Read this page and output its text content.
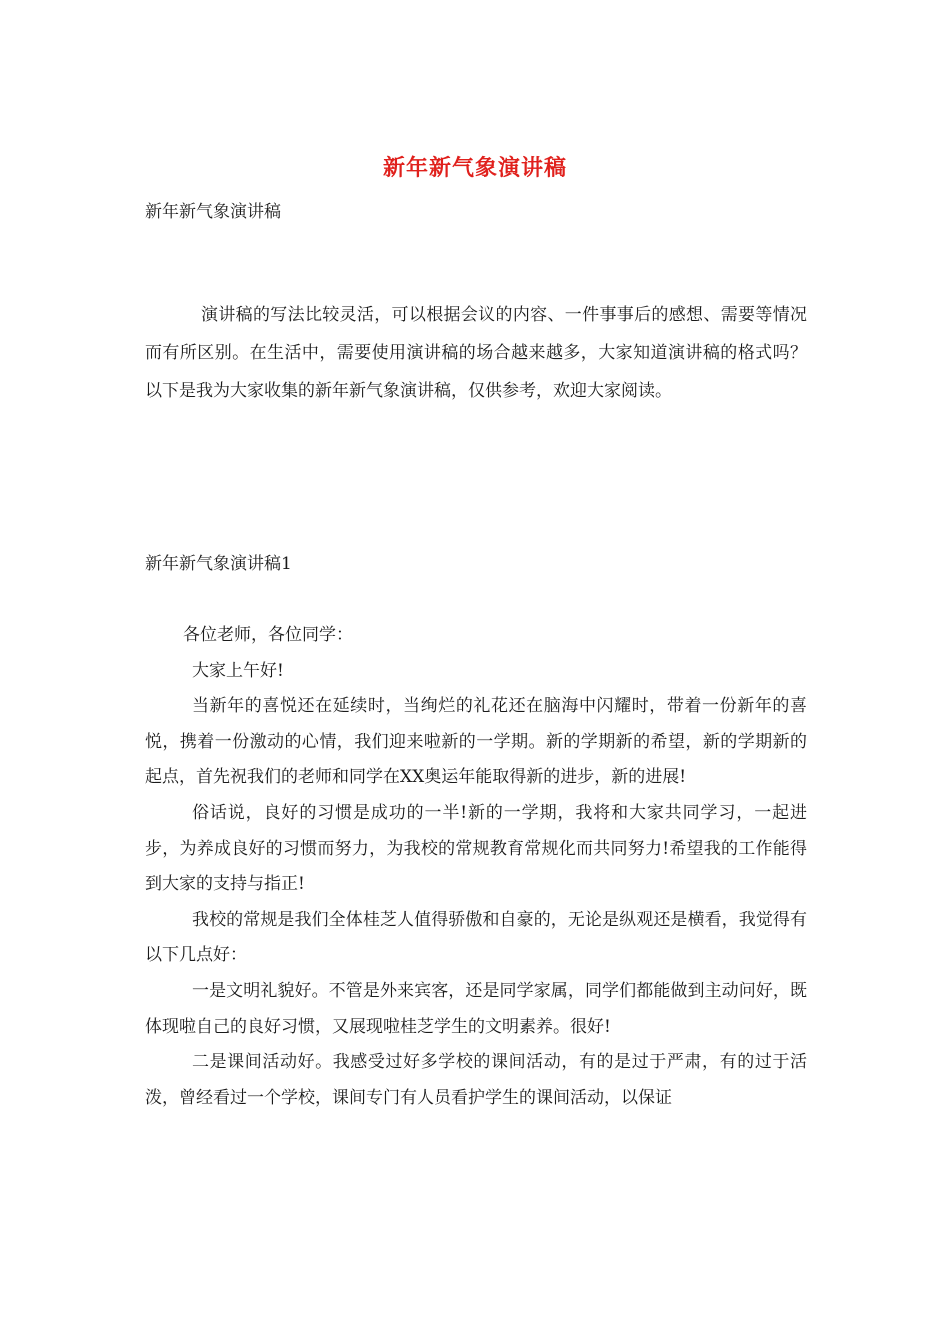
新年新气象演讲稿
新年新气象演讲稿
演讲稿的写法比较灵活，可以根据会议的内容、一件事事后的感想、需要等情况而有所区别。在生活中，需要使用演讲稿的场合越来越多，大家知道演讲稿的格式吗？以下是我为大家收集的新年新气象演讲稿，仅供参考，欢迎大家阅读。
新年新气象演讲稿1

各位老师，各位同学：

大家上午好!

当新年的喜悦还在延续时，当绚烂的礼花还在脑海中闪耀时，带着一份新年的喜悦，携着一份激动的心情，我们迎来啦新的一学期。新的学期新的希望，新的学期新的起点，首先祝我们的老师和同学在XX奥运年能取得新的进步，新的进展!

俗话说，良好的习惯是成功的一半!新的一学期，我将和大家共同学习，一起进步，为养成良好的习惯而努力，为我校的常规教育常规化而共同努力!希望我的工作能得到大家的支持与指正!

我校的常规是我们全体桂芝人值得骄傲和自豪的，无论是纵观还是横看，我觉得有以下几点好：

一是文明礼貌好。不管是外来宾客，还是同学家属，同学们都能做到主动问好，既体现啦自己的良好习惯，又展现啦桂芝学生的文明素养。很好!

二是课间活动好。我感受过好多学校的课间活动，有的是过于严肃，有的过于活泼，曾经看过一个学校，课间专门有人员看护学生的课间活动，以保证
